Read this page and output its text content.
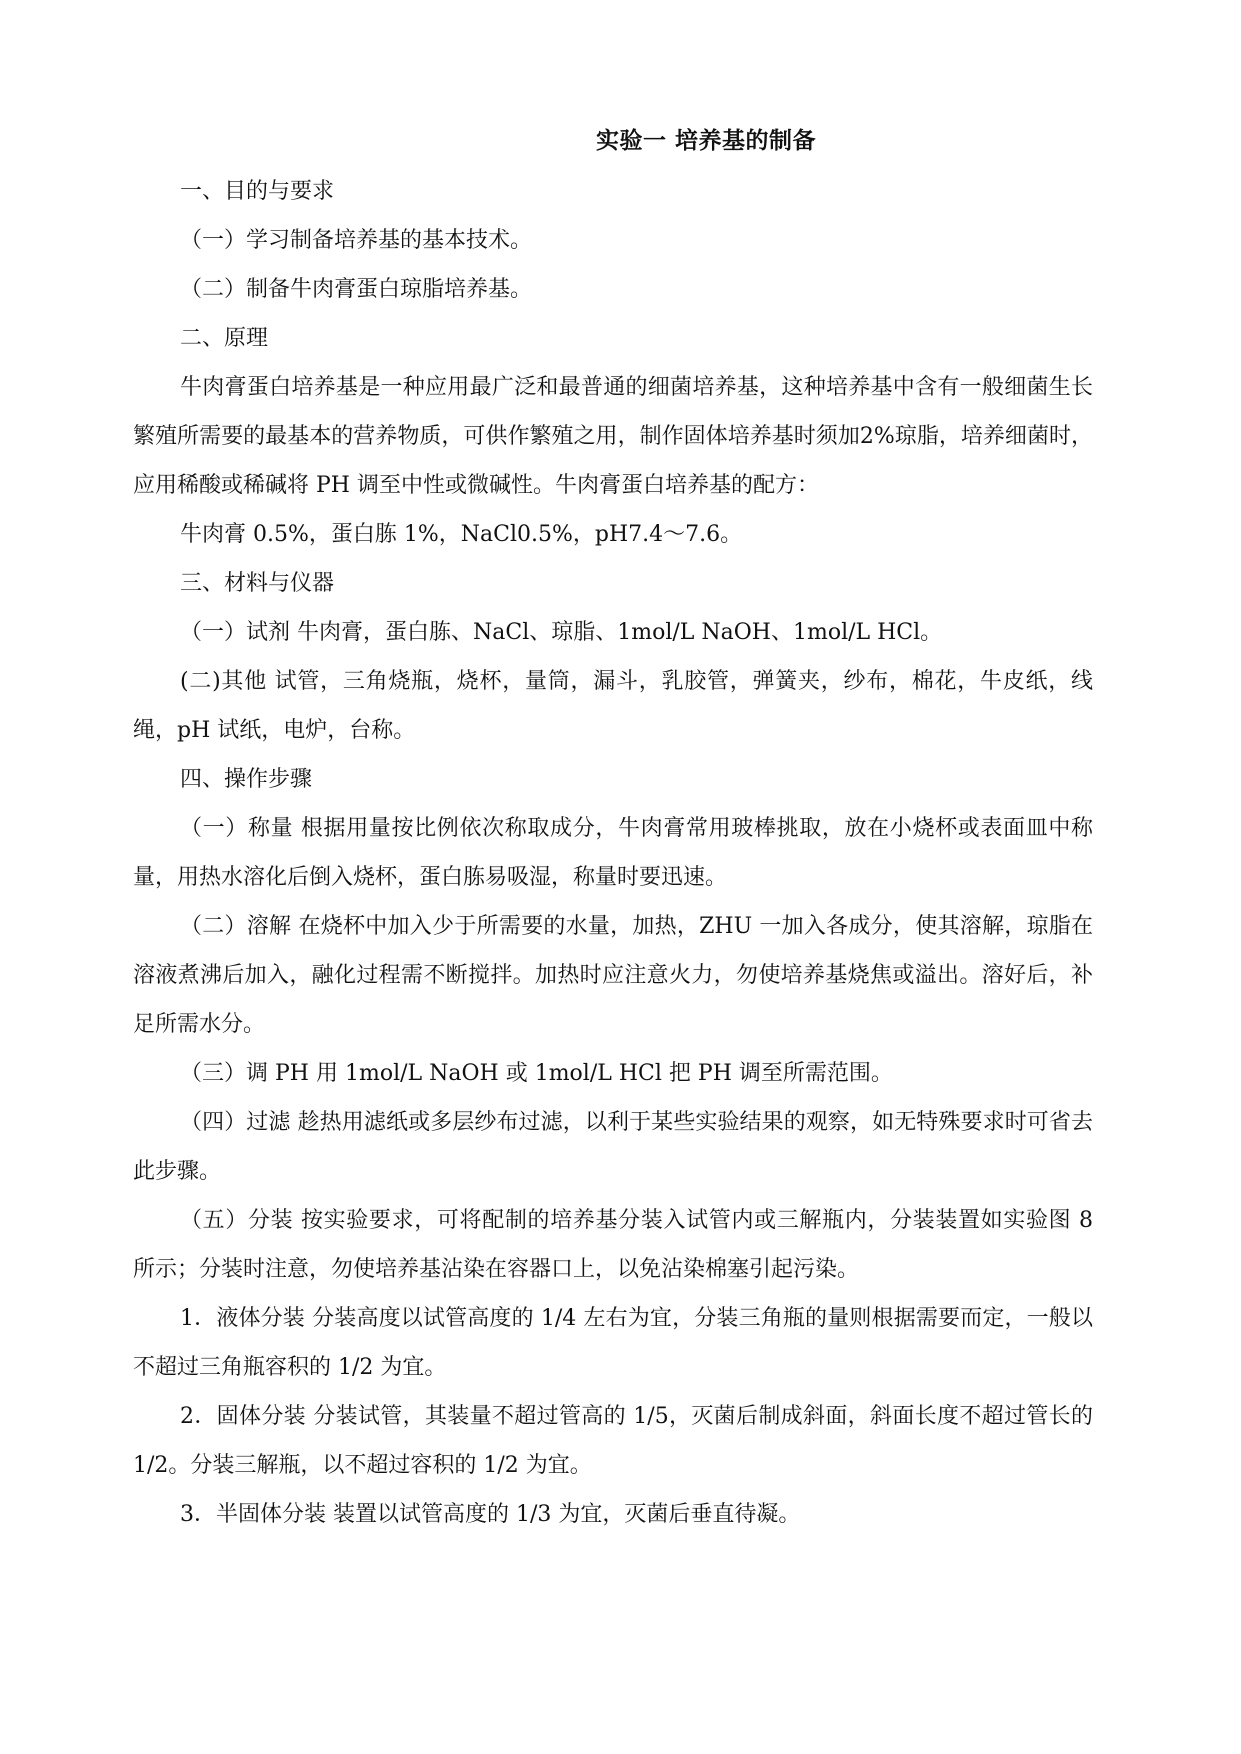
实验一 培养基的制备

一、目的与要求

（一）学习制备培养基的基本技术。

（二）制备牛肉膏蛋白琼脂培养基。

二、原理

牛肉膏蛋白培养基是一种应用最广泛和最普通的细菌培养基，这种培养基中含有一般细菌生长繁殖所需要的最基本的营养物质，可供作繁殖之用，制作固体培养基时须加2%琼脂，培养细菌时，应用稀酸或稀碱将 PH 调至中性或微碱性。牛肉膏蛋白培养基的配方：

牛肉膏 0.5%，蛋白胨 1%，NaCl0.5%，pH7.4～7.6。

三、材料与仪器

（一）试剂 牛肉膏，蛋白胨、NaCl、琼脂、1mol/L NaOH、1mol/L HCl。

(二)其他 试管，三角烧瓶，烧杯，量筒，漏斗，乳胶管，弹簧夹，纱布，棉花，牛皮纸，线绳，pH 试纸，电炉，台称。

四、操作步骤

（一）称量 根据用量按比例依次称取成分，牛肉膏常用玻棒挑取，放在小烧杯或表面皿中称量，用热水溶化后倒入烧杯，蛋白胨易吸湿，称量时要迅速。

（二）溶解 在烧杯中加入少于所需要的水量，加热，ZHU 一加入各成分，使其溶解，琼脂在溶液煮沸后加入，融化过程需不断搅拌。加热时应注意火力，勿使培养基烧焦或溢出。溶好后，补足所需水分。

（三）调 PH 用 1mol/L NaOH 或 1mol/L HCl 把 PH 调至所需范围。

（四）过滤 趁热用滤纸或多层纱布过滤，以利于某些实验结果的观察，如无特殊要求时可省去此步骤。

（五）分装 按实验要求，可将配制的培养基分装入试管内或三解瓶内，分装装置如实验图 8 所示；分装时注意，勿使培养基沾染在容器口上，以免沾染棉塞引起污染。

1．液体分装 分装高度以试管高度的 1/4 左右为宜，分装三角瓶的量则根据需要而定，一般以不超过三角瓶容积的 1/2 为宜。

2．固体分装 分装试管，其装量不超过管高的 1/5，灭菌后制成斜面，斜面长度不超过管长的 1/2。分装三解瓶，以不超过容积的 1/2 为宜。

3．半固体分装 装置以试管高度的 1/3 为宜，灭菌后垂直待凝。
